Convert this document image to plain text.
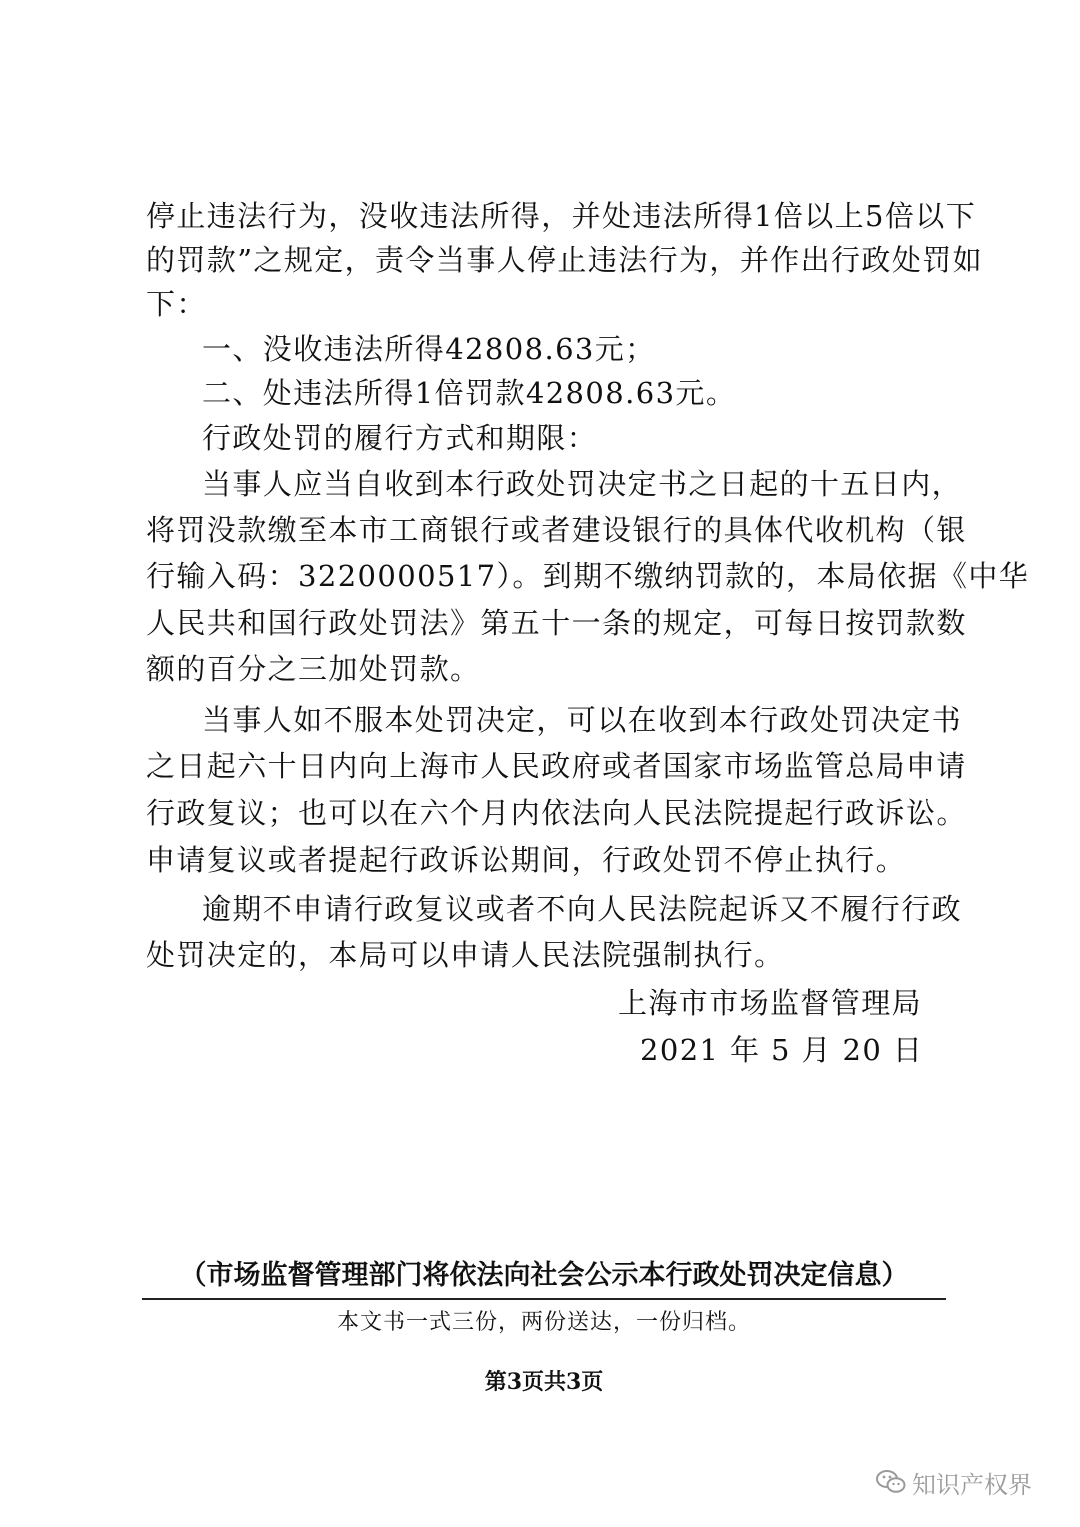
停止违法行为，没收违法所得，并处违法所得1倍以上5倍以下
的罚款”之规定，责令当事人停止违法行为，并作出行政处罚如
下：
一、没收违法所得42808.63元；
二、处违法所得1倍罚款42808.63元。
行政处罚的履行方式和期限：
当事人应当自收到本行政处罚决定书之日起的十五日内，
将罚没款缴至本市工商银行或者建设银行的具体代收机构（银
行输入码：3220000517）。到期不缴纳罚款的，本局依据《中华
人民共和国行政处罚法》第五十一条的规定，可每日按罚款数
额的百分之三加处罚款。
当事人如不服本处罚决定，可以在收到本行政处罚决定书
之日起六十日内向上海市人民政府或者国家市场监管总局申请
行政复议；也可以在六个月内依法向人民法院提起行政诉讼。
申请复议或者提起行政诉讼期间，行政处罚不停止执行。
逾期不申请行政复议或者不向人民法院起诉又不履行行政
处罚决定的，本局可以申请人民法院强制执行。
上海市市场监督管理局
2021 年 5 月 20 日
（市场监督管理部门将依法向社会公示本行政处罚决定信息）
本文书一式三份，两份送达，一份归档。
第3页共3页
知识产权界
